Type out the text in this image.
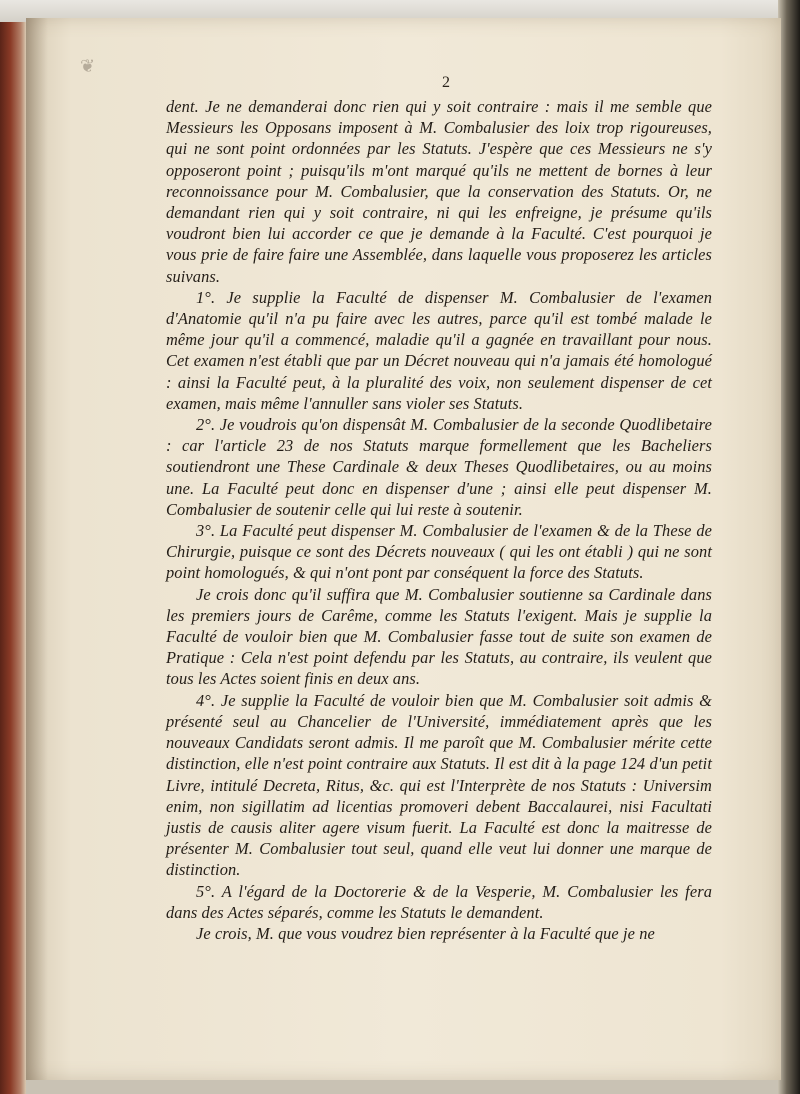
❦
2

dent. Je ne demanderai donc rien qui y soit contraire : mais il me semble que Messieurs les Opposans imposent à M. Combalusier des loix trop rigoureuses, qui ne sont point ordonnées par les Statuts. J'espère que ces Messieurs ne s'y opposeront point ; puisqu'ils m'ont marqué qu'ils ne mettent de bornes à leur reconnoissance pour M. Combalusier, que la conservation des Statuts. Or, ne demandant rien qui y soit contraire, ni qui les enfreigne, je présume qu'ils voudront bien lui accorder ce que je demande à la Faculté. C'est pourquoi je vous prie de faire faire une Assemblée, dans laquelle vous proposerez les articles suivans.

1°. Je supplie la Faculté de dispenser M. Combalusier de l'examen d'Anatomie qu'il n'a pu faire avec les autres, parce qu'il est tombé malade le même jour qu'il a commencé, maladie qu'il a gagnée en travaillant pour nous. Cet examen n'est établi que par un Décret nouveau qui n'a jamais été homologué : ainsi la Faculté peut, à la pluralité des voix, non seulement dispenser de cet examen, mais même l'annuller sans violer ses Statuts.

2°. Je voudrois qu'on dispensât M. Combalusier de la seconde Quodlibetaire : car l'article 23 de nos Statuts marque formellement que les Bacheliers soutiendront une These Cardinale & deux Theses Quodlibetaires, ou au moins une. La Faculté peut donc en dispenser d'une ; ainsi elle peut dispenser M. Combalusier de soutenir celle qui lui reste à soutenir.

3°. La Faculté peut dispenser M. Combalusier de l'examen & de la These de Chirurgie, puisque ce sont des Décrets nouveaux ( qui les ont établi ) qui ne sont point homologués, & qui n'ont pont par conséquent la force des Statuts.

Je crois donc qu'il suffira que M. Combalusier soutienne sa Cardinale dans les premiers jours de Carême, comme les Statuts l'exigent. Mais je supplie la Faculté de vouloir bien que M. Combalusier fasse tout de suite son examen de Pratique : Cela n'est point defendu par les Statuts, au contraire, ils veulent que tous les Actes soient finis en deux ans.

4°. Je supplie la Faculté de vouloir bien que M. Combalusier soit admis & présenté seul au Chancelier de l'Université, immédiatement après que les nouveaux Candidats seront admis. Il me paroît que M. Combalusier mérite cette distinction, elle n'est point contraire aux Statuts. Il est dit à la page 124 d'un petit Livre, intitulé Decreta, Ritus, &c. qui est l'Interprète de nos Statuts : Universim enim, non sigillatim ad licentias promoveri debent Baccalaurei, nisi Facultati justis de causis aliter agere visum fuerit. La Faculté est donc la maitresse de présenter M. Combalusier tout seul, quand elle veut lui donner une marque de distinction.

5°. A l'égard de la Doctorerie & de la Vesperie, M. Combalusier les fera dans des Actes séparés, comme les Statuts le demandent.

Je crois, M. que vous voudrez bien représenter à la Faculté que je ne
